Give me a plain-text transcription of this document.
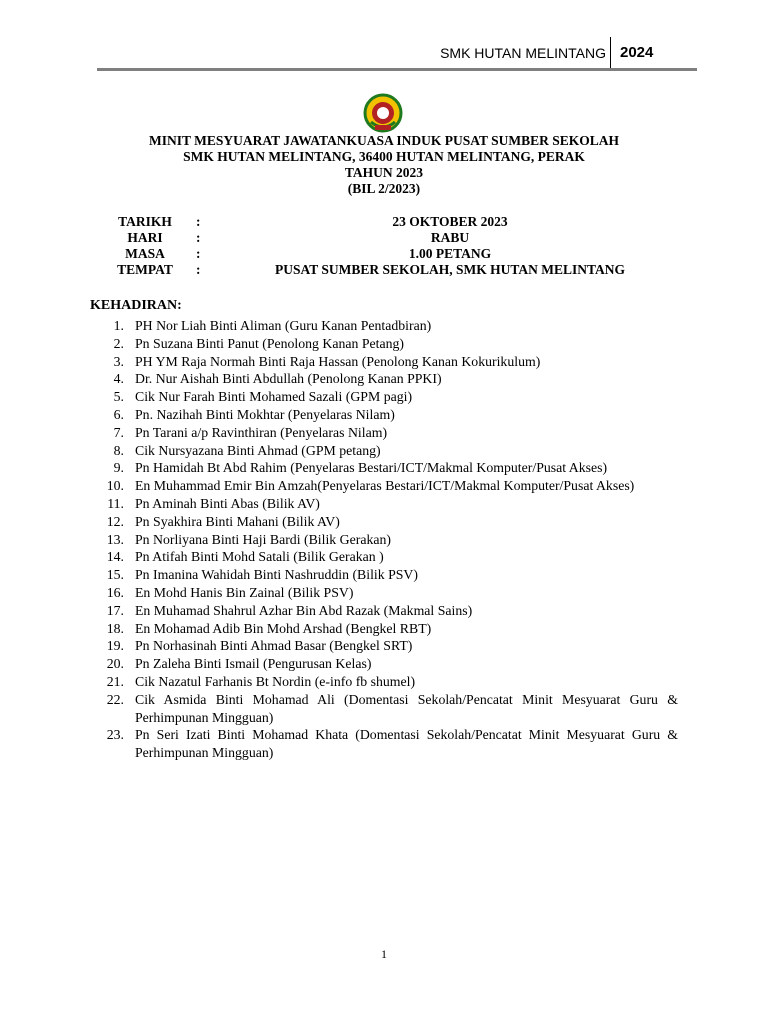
SMK HUTAN MELINTANG 2024
MINIT MESYUARAT JAWATANKUASA INDUK PUSAT SUMBER SEKOLAH
SMK HUTAN MELINTANG, 36400 HUTAN MELINTANG, PERAK
TAHUN 2023
(BIL 2/2023)
TARIKH	:	23 OKTOBER 2023
HARI	:	RABU
MASA	:	1.00 PETANG
TEMPAT	:	PUSAT SUMBER SEKOLAH, SMK HUTAN MELINTANG
KEHADIRAN:
1. PH Nor Liah Binti Aliman (Guru Kanan Pentadbiran)
2. Pn Suzana Binti Panut (Penolong Kanan Petang)
3. PH YM Raja Normah Binti Raja Hassan (Penolong Kanan Kokurikulum)
4. Dr. Nur Aishah Binti Abdullah (Penolong Kanan PPKI)
5. Cik Nur Farah Binti Mohamed Sazali (GPM pagi)
6. Pn. Nazihah Binti Mokhtar (Penyelaras Nilam)
7. Pn Tarani a/p Ravinthiran (Penyelaras Nilam)
8. Cik Nursyazana Binti Ahmad (GPM petang)
9. Pn Hamidah Bt Abd Rahim (Penyelaras Bestari/ICT/Makmal Komputer/Pusat Akses)
10. En Muhammad Emir Bin Amzah(Penyelaras Bestari/ICT/Makmal Komputer/Pusat Akses)
11. Pn Aminah Binti Abas (Bilik AV)
12. Pn Syakhira Binti Mahani (Bilik AV)
13. Pn Norliyana Binti Haji Bardi (Bilik Gerakan)
14. Pn Atifah Binti Mohd Satali (Bilik Gerakan )
15. Pn Imanina Wahidah Binti Nashruddin (Bilik PSV)
16. En Mohd Hanis Bin Zainal (Bilik PSV)
17. En Muhamad Shahrul Azhar Bin Abd Razak (Makmal Sains)
18. En Mohamad Adib Bin Mohd Arshad (Bengkel RBT)
19. Pn Norhasinah Binti Ahmad Basar (Bengkel SRT)
20. Pn Zaleha Binti Ismail (Pengurusan Kelas)
21. Cik Nazatul Farhanis Bt Nordin (e-info fb shumel)
22. Cik Asmida Binti Mohamad Ali (Domentasi Sekolah/Pencatat Minit Mesyuarat Guru & Perhimpunan Mingguan)
23. Pn Seri Izati Binti Mohamad Khata (Domentasi Sekolah/Pencatat Minit Mesyuarat Guru & Perhimpunan Mingguan)
1
